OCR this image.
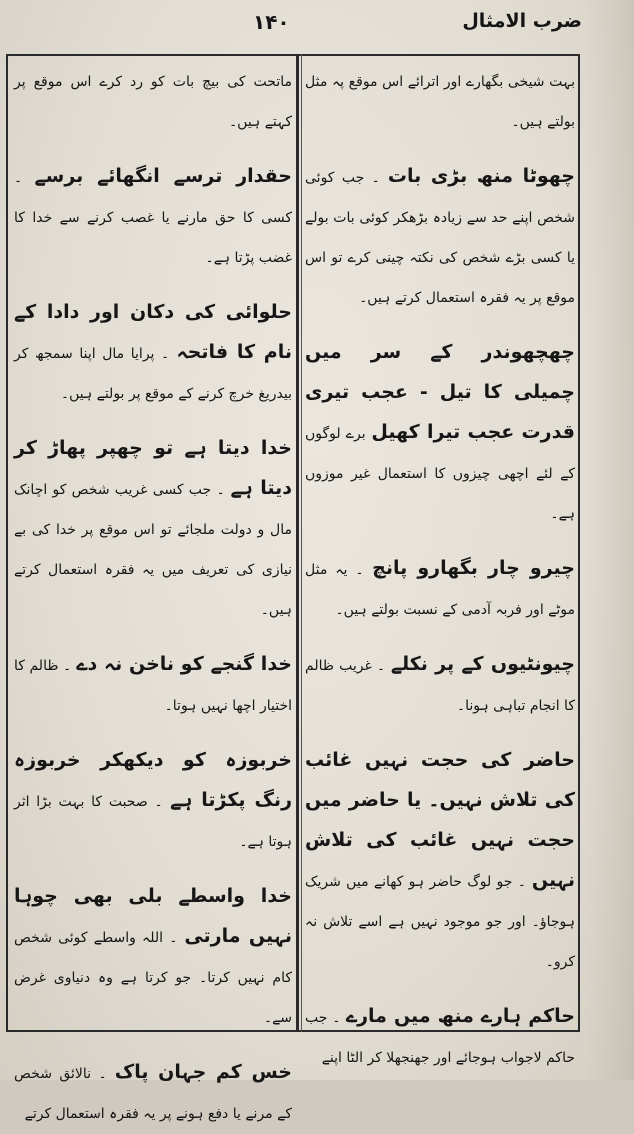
ضرب الامثال
۱۴۰
بہت شیخی بگھارے اور اترائے اس موقع پہ مثل بولتے ہیں۔
چھوٹا منھ بڑی بات ۔ جب کوئی شخص اپنے حد سے زیادہ بڑھکر کوئی بات بولے یا کسی بڑے شخص کی نکتہ چینی کرے تو اس موقع پر یہ فقرہ استعمال کرتے ہیں۔
چھچھوندر کے سر میں چمیلی کا تیل - عجب تیری قدرت عجب تیرا کھیل برے لوگوں کے لئے اچھی چیزوں کا استعمال غیر موزوں ہے۔
چیرو چار بگھارو پانچ ۔ یہ مثل موٹے اور فربہ آدمی کے نسبت بولتے ہیں۔
چیونٹیوں کے پر نکلے ۔ غریب ظالم کا انجام تباہی ہونا۔
حاضر کی حجت نہیں غائب کی تلاش نہیں۔ یا حاضر میں حجت نہیں غائب کی تلاش نہیں ۔ جو لوگ حاضر ہو کھانے میں شریک ہوجاؤ۔ اور جو موجود نہیں ہے اسے تلاش نہ کرو۔
حاکم ہارے منھ میں مارے ۔ جب حاکم لاجواب ہوجائے اور جھنجھلا کر الٹا اپنے
ماتحت کی بیچ بات کو رد کرے اس موقع پر کہتے ہیں۔
حقدار ترسے انگھائے برسے ۔ کسی کا حق مارنے یا غصب کرنے سے خدا کا غضب پڑتا ہے۔
حلوائی کی دکان اور دادا کے نام کا فاتحہ ۔ پرایا مال اپنا سمجھ کر بیدریغ خرچ کرنے کے موقع پر بولتے ہیں۔
خدا دیتا ہے تو چھپر پھاڑ کر دیتا ہے ۔ جب کسی غریب شخص کو اچانک مال و دولت ملجائے تو اس موقع پر خدا کی بے نیازی کی تعریف میں یہ فقرہ استعمال کرتے ہیں۔
خدا گنجے کو ناخن نہ دے ۔ ظالم کا اختیار اچھا نہیں ہوتا۔
خربوزہ کو دیکھکر خربوزہ رنگ پکڑتا ہے ۔ صحبت کا بہت بڑا اثر ہوتا ہے۔
خدا واسطے بلی بھی چوہا نہیں مارتی ۔ اللہ واسطے کوئی شخص کام نہیں کرتا۔ جو کرتا ہے وہ دنیاوی غرض سے۔
خس کم جہان پاک ۔ نالائق شخص کے مرنے یا دفع ہونے پر یہ فقرہ استعمال کرتے
